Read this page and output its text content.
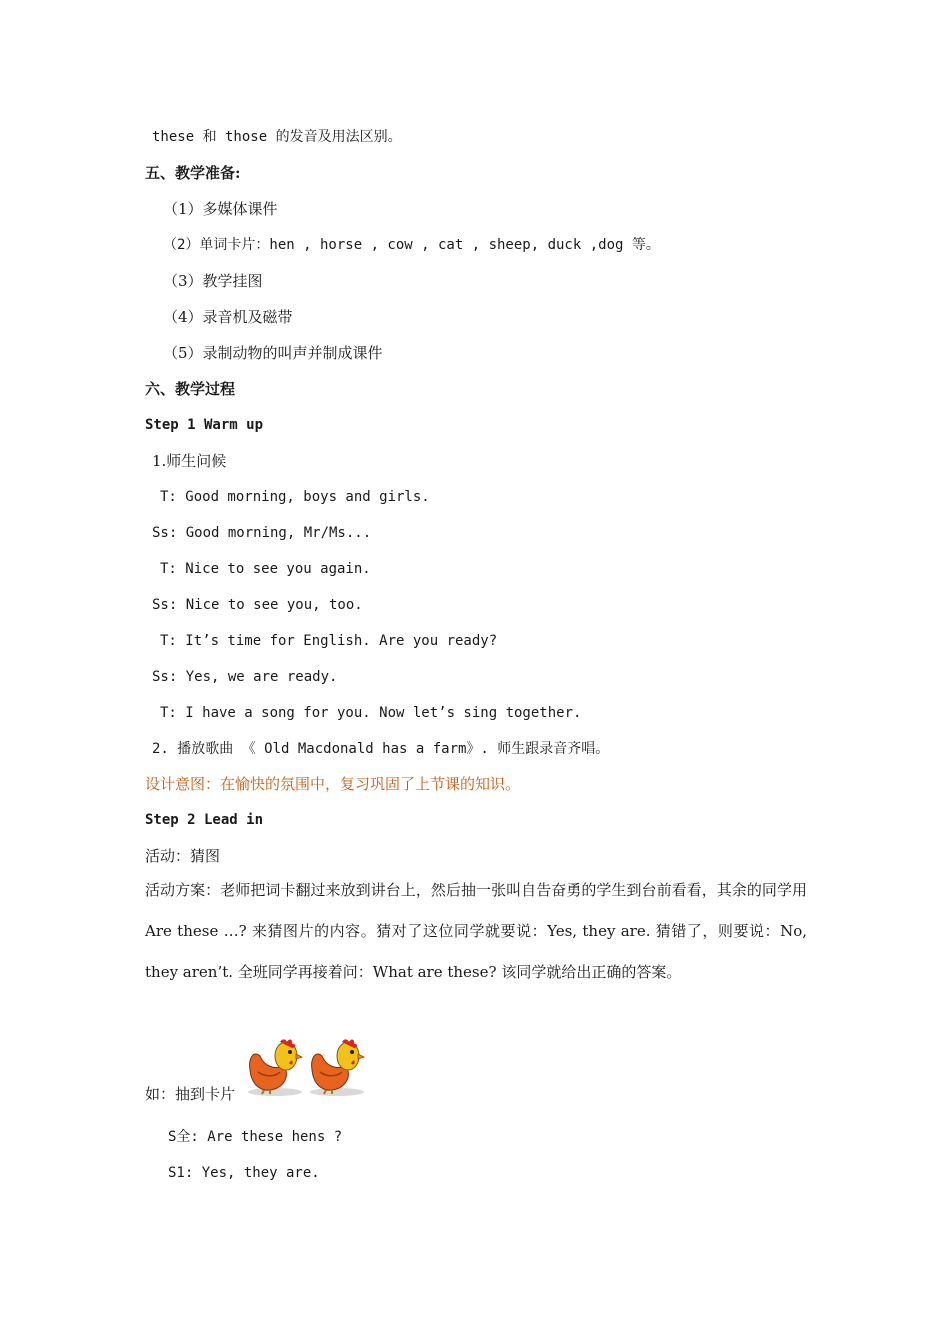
these 和 those 的发音及用法区别。
五、教学准备:
（1）多媒体课件
（2）单词卡片：hen , horse , cow , cat , sheep, duck ,dog 等。
（3）教学挂图
（4）录音机及磁带
（5）录制动物的叫声并制成课件
六、教学过程
Step 1 Warm up
1.师生问候
T: Good morning, boys and girls.
Ss: Good morning, Mr/Ms...
T: Nice to see you again.
Ss: Nice to see you, too.
T: It’s time for English. Are you ready?
Ss: Yes, we are ready.
T: I have a song for you. Now let’s sing together.
2. 播放歌曲 《 Old Macdonald has a farm》. 师生跟录音齐唱。
设计意图：在愉快的氛围中，复习巩固了上节课的知识。
Step 2 Lead in
活动：猜图
活动方案：老师把词卡翻过来放到讲台上，然后抽一张叫自告奋勇的学生到台前看看，其余的同学用Are these …? 来猜图片的内容。猜对了这位同学就要说：Yes, they are. 猜错了，则要说：No, they aren’t. 全班同学再接着问：What are these? 该同学就给出正确的答案。
如：抽到卡片
S全: Are these hens ?
S1: Yes, they are.
